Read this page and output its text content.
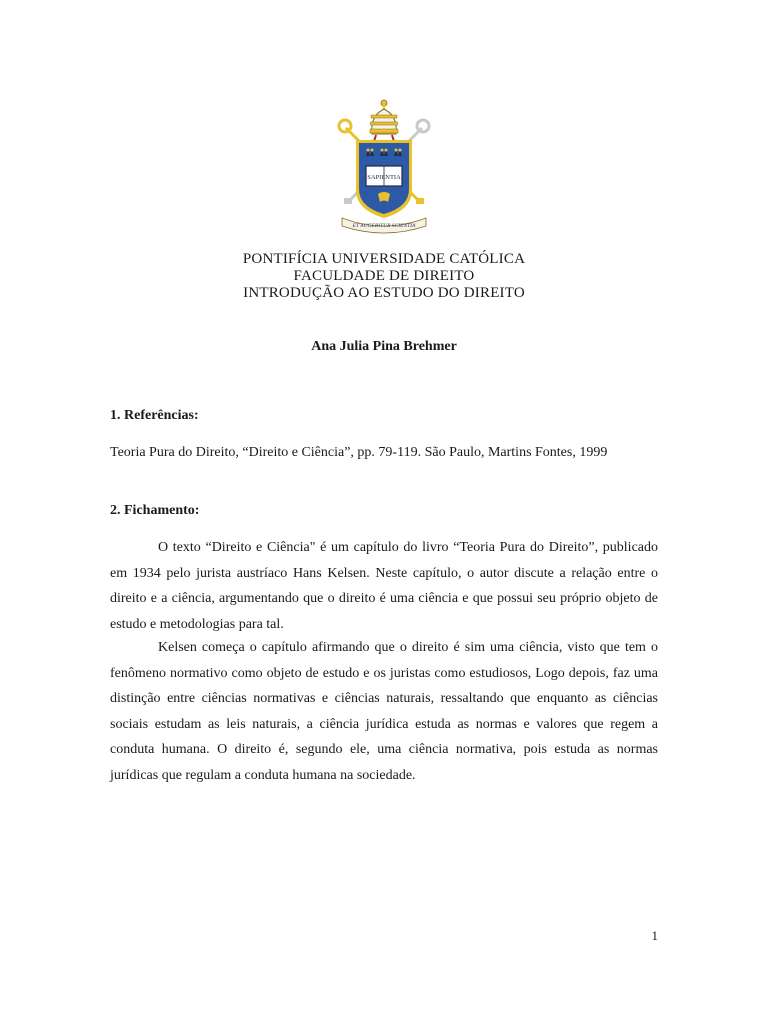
SAPIENTIA
ET AUGEBITUR SCIENTIA
PONTIFÍCIA UNIVERSIDADE CATÓLICA
FACULDADE DE DIREITO
INTRODUÇÃO AO ESTUDO DO DIREITO
Ana Julia Pina Brehmer
1. Referências:
Teoria Pura do Direito, “Direito e Ciência”, pp. 79-119. São Paulo, Martins Fontes, 1999
2. Fichamento:

O texto “Direito e Ciência" é um capítulo do livro “Teoria Pura do Direito”, publicado em 1934 pelo jurista austríaco Hans Kelsen. Neste capítulo, o autor discute a relação entre o direito e a ciência, argumentando que o direito é uma ciência e que possui seu próprio objeto de estudo e metodologias para tal.

Kelsen começa o capítulo afirmando que o direito é sim uma ciência, visto que tem o fenômeno normativo como objeto de estudo e os juristas como estudiosos, Logo depois, faz uma distinção entre ciências normativas e ciências naturais, ressaltando que enquanto as ciências sociais estudam as leis naturais, a ciência jurídica estuda as normas e valores que regem a conduta humana. O direito é, segundo ele, uma ciência normativa, pois estuda as normas jurídicas que regulam a conduta humana na sociedade.

1
